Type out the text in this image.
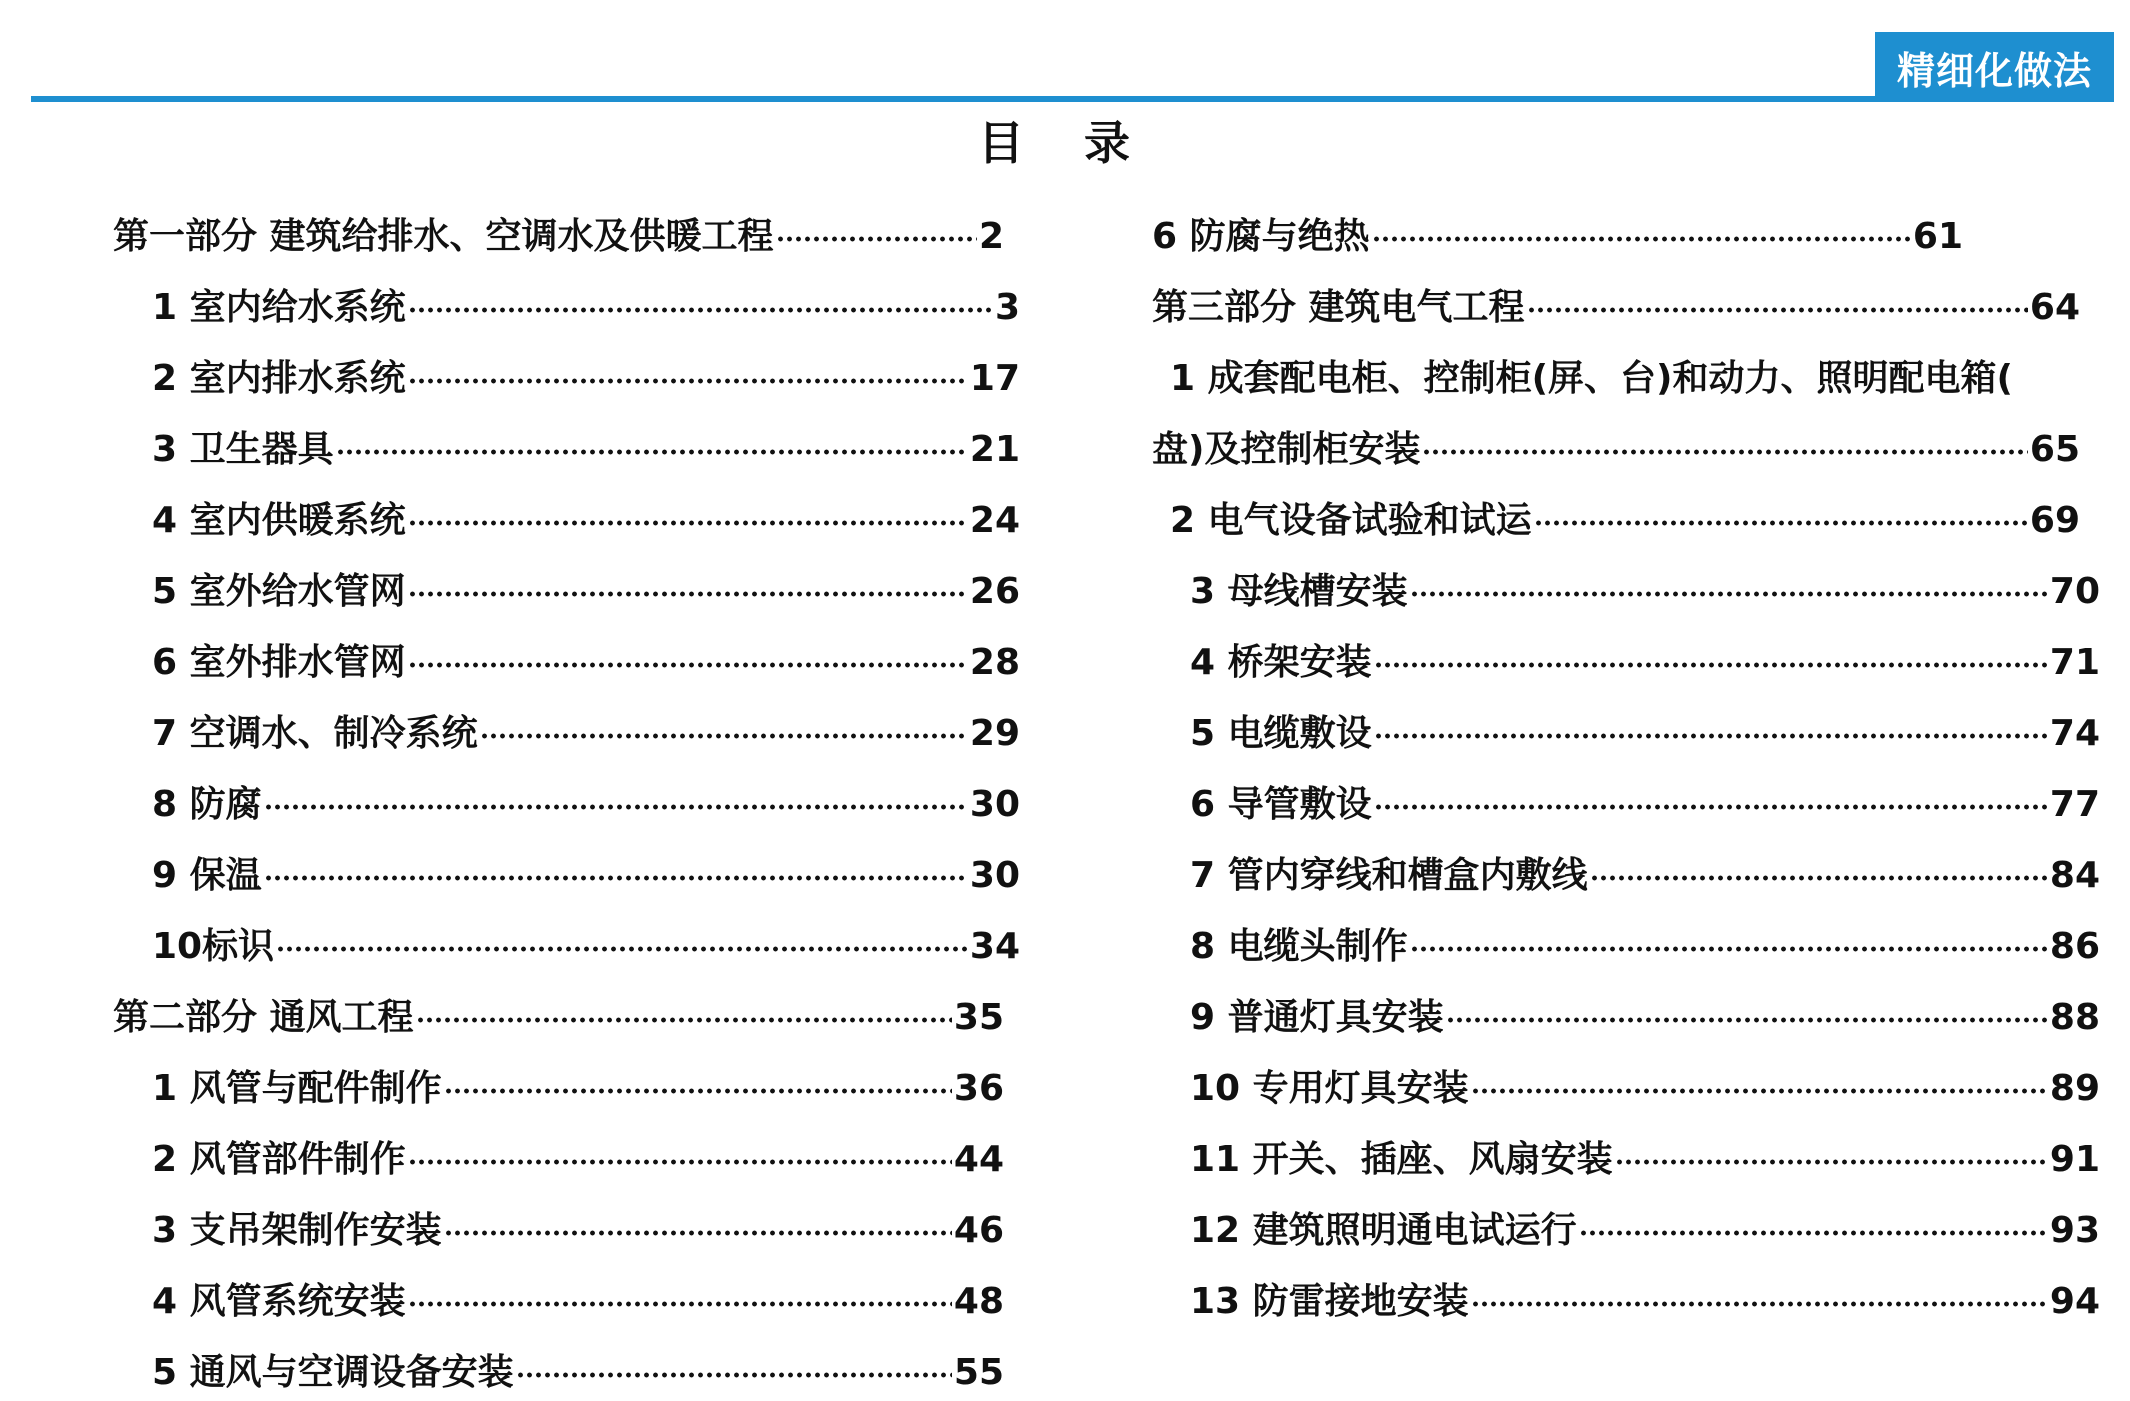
精细化做法
目 录
第一部分 建筑给排水、空调水及供暖工程	2
1 室内给水系统	3
2 室内排水系统	17
3 卫生器具	21
4 室内供暖系统	24
5 室外给水管网	26
6 室外排水管网	28
7 空调水、制冷系统	29
8 防腐	30
9 保温	30
10标识	34
第二部分 通风工程	35
1 风管与配件制作	36
2 风管部件制作	44
3 支吊架制作安装	46
4 风管系统安装	48
5 通风与空调设备安装	55
6 防腐与绝热	61
第三部分 建筑电气工程	64
1 成套配电柜、控制柜(屏、台)和动力、照明配电箱(
盘)及控制柜安装	65
2 电气设备试验和试运	69
3 母线槽安装	70
4 桥架安装	71
5 电缆敷设	74
6 导管敷设	77
7 管内穿线和槽盒内敷线	84
8 电缆头制作	86
9 普通灯具安装	88
10 专用灯具安装	89
11 开关、插座、风扇安装	91
12 建筑照明通电试运行	93
13 防雷接地安装	94
